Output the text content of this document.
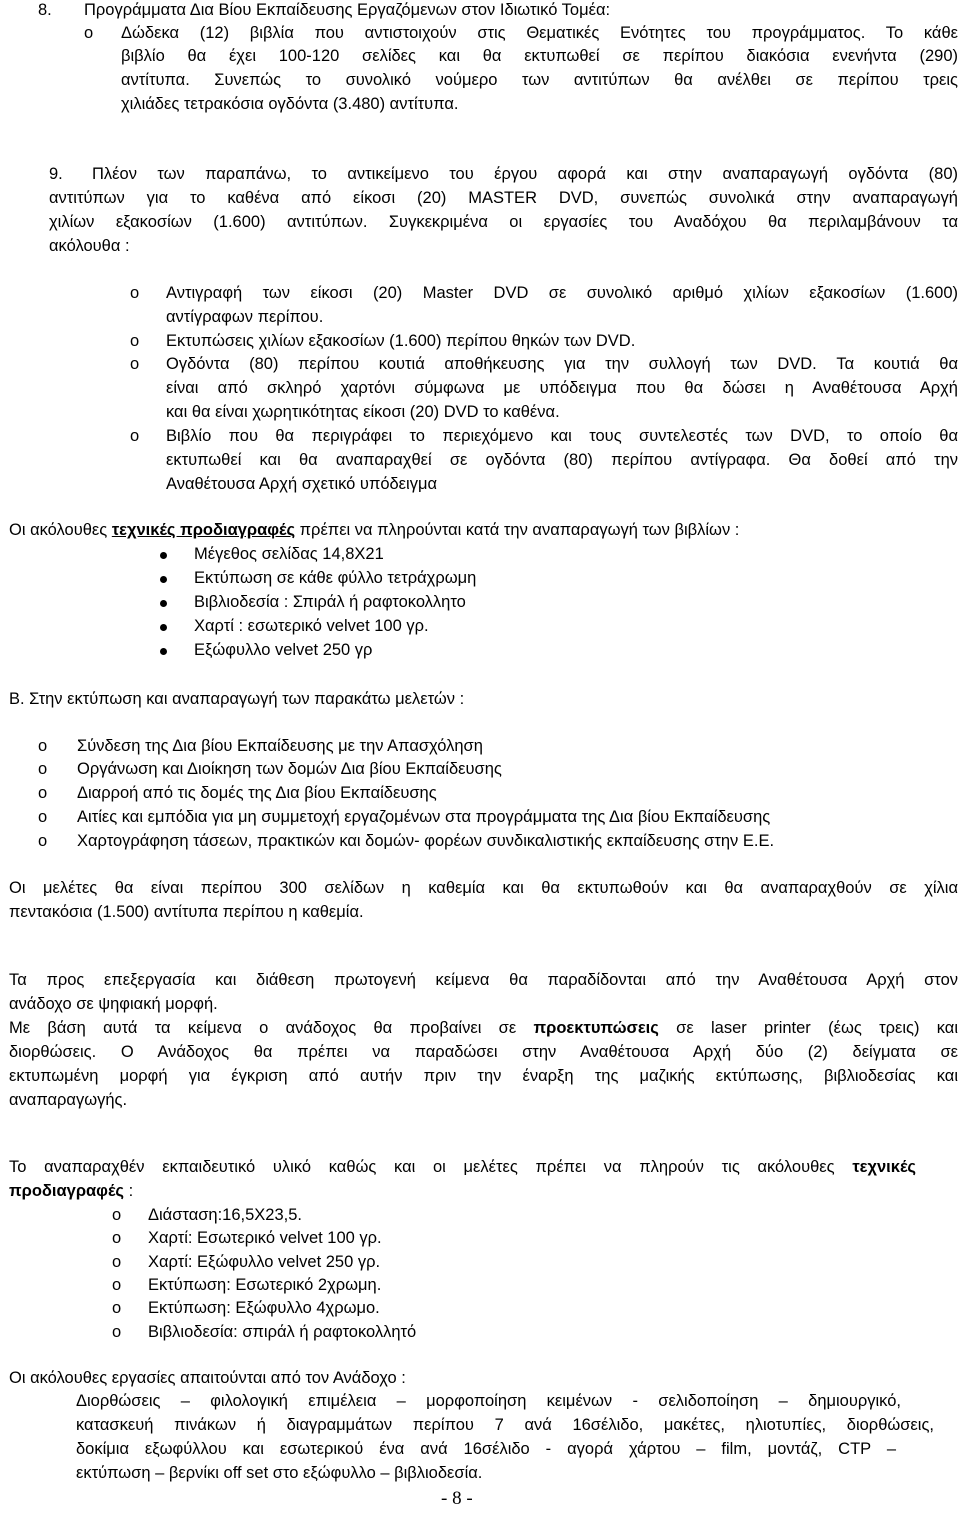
8. Προγράμματα Δια Βίου Εκπαίδευσης Εργαζόμενων στον Ιδιωτικό Τομέα:
o Δώδεκα (12) βιβλία που αντιστοιχούν στις Θεματικές Ενότητες του προγράμματος. Το κάθε
βιβλίο θα έχει 100-120 σελίδες και θα εκτυπωθεί σε περίπου διακόσια ενενήντα (290)
αντίτυπα. Συνεπώς το συνολικό νούμερο των αντιτύπων θα ανέλθει σε περίπου τρεις
χιλιάδες τετρακόσια ογδόντα (3.480) αντίτυπα.
9. Πλέον των παραπάνω, το αντικείμενο του έργου αφορά και στην αναπαραγωγή ογδόντα (80)
αντιτύπων για το καθένα από είκοσι (20) MASTER DVD, συνεπώς συνολικά στην αναπαραγωγή
χιλίων εξακοσίων (1.600) αντιτύπων. Συγκεκριμένα οι εργασίες του Αναδόχου θα περιλαμβάνουν τα
ακόλουθα :
o Αντιγραφή των είκοσι (20) Master DVD σε συνολικό αριθμό χιλίων εξακοσίων (1.600)
αντίγραφων περίπου.
o Εκτυπώσεις χιλίων εξακοσίων (1.600) περίπου θηκών των DVD.
o Ογδόντα (80) περίπου κουτιά αποθήκευσης για την συλλογή των DVD. Τα κουτιά θα
είναι από σκληρό χαρτόνι σύμφωνα με υπόδειγμα που θα δώσει η Αναθέτουσα Αρχή
και θα είναι χωρητικότητας είκοσι (20) DVD το καθένα.
o Βιβλίο που θα περιγράφει το περιεχόμενο και τους συντελεστές των DVD, το οποίο θα
εκτυπωθεί και θα αναπαραχθεί σε ογδόντα (80) περίπου αντίγραφα. Θα δοθεί από την
Αναθέτουσα Αρχή σχετικό υπόδειγμα
Οι ακόλουθες τεχνικές προδιαγραφές πρέπει να πληρούνται κατά την αναπαραγωγή των βιβλίων :
Μέγεθος σελίδας 14,8Χ21
Εκτύπωση σε κάθε φύλλο τετράχρωμη
Βιβλιοδεσία : Σπιράλ ή ραφτοκολλητο
Χαρτί : εσωτερικό velvet 100 γρ.
Εξώφυλλο velvet 250 γρ
Β. Στην εκτύπωση και αναπαραγωγή των παρακάτω μελετών :
o Σύνδεση της Δια βίου Εκπαίδευσης με την Απασχόληση
o Οργάνωση και Διοίκηση των δομών Δια βίου Εκπαίδευσης
o Διαρροή από τις δομές της Δια βίου Εκπαίδευσης
o Αιτίες και εμπόδια για μη συμμετοχή εργαζομένων στα προγράμματα της Δια βίου Εκπαίδευσης
o Χαρτογράφηση τάσεων, πρακτικών και δομών- φορέων συνδικαλιστικής εκπαίδευσης στην Ε.Ε.
Οι μελέτες θα είναι περίπου 300 σελίδων η καθεμία και θα εκτυπωθούν και θα αναπαραχθούν σε χίλια
πεντακόσια (1.500) αντίτυπα περίπου η καθεμία.
Τα προς επεξεργασία και διάθεση πρωτογενή κείμενα θα παραδίδονται από την Αναθέτουσα Αρχή στον
ανάδοχο σε ψηφιακή μορφή.
Με βάση αυτά τα κείμενα ο ανάδοχος θα προβαίνει σε προεκτυπώσεις σε laser printer (έως τρεις) και
διορθώσεις. Ο Ανάδοχος θα πρέπει να παραδώσει στην Αναθέτουσα Αρχή δύο (2) δείγματα σε
εκτυπωμένη μορφή για έγκριση από αυτήν πριν την έναρξη της μαζικής εκτύπωσης, βιβλιοδεσίας και
αναπαραγωγής.
Το αναπαραχθέν εκπαιδευτικό υλικό καθώς και οι μελέτες πρέπει να πληρούν τις ακόλουθες τεχνικές
προδιαγραφές :
o Διάσταση:16,5Χ23,5.
o Χαρτί: Εσωτερικό velvet 100 γρ.
o Χαρτί: Εξώφυλλο velvet 250 γρ.
o Εκτύπωση: Εσωτερικό 2χρωμη.
o Εκτύπωση: Εξώφυλλο 4χρωμο.
o Βιβλιοδεσία: σπιράλ ή ραφτοκολλητό
Οι ακόλουθες εργασίες απαιτούνται από τον Ανάδοχο :
Διορθώσεις – φιλολογική επιμέλεια – μορφοποίηση κειμένων - σελιδοποίηση – δημιουργικό,
κατασκευή πινάκων ή διαγραμμάτων περίπου 7 ανά 16σέλιδο, μακέτες, ηλιοτυπίες, διορθώσεις,
δοκίμια εξωφύλλου και εσωτερικού ένα ανά 16σέλιδο - αγορά χάρτου – film, μοντάζ, CTP –
εκτύπωση – βερνίκι off set στο εξώφυλλο – βιβλιοδεσία.
- 8 -
